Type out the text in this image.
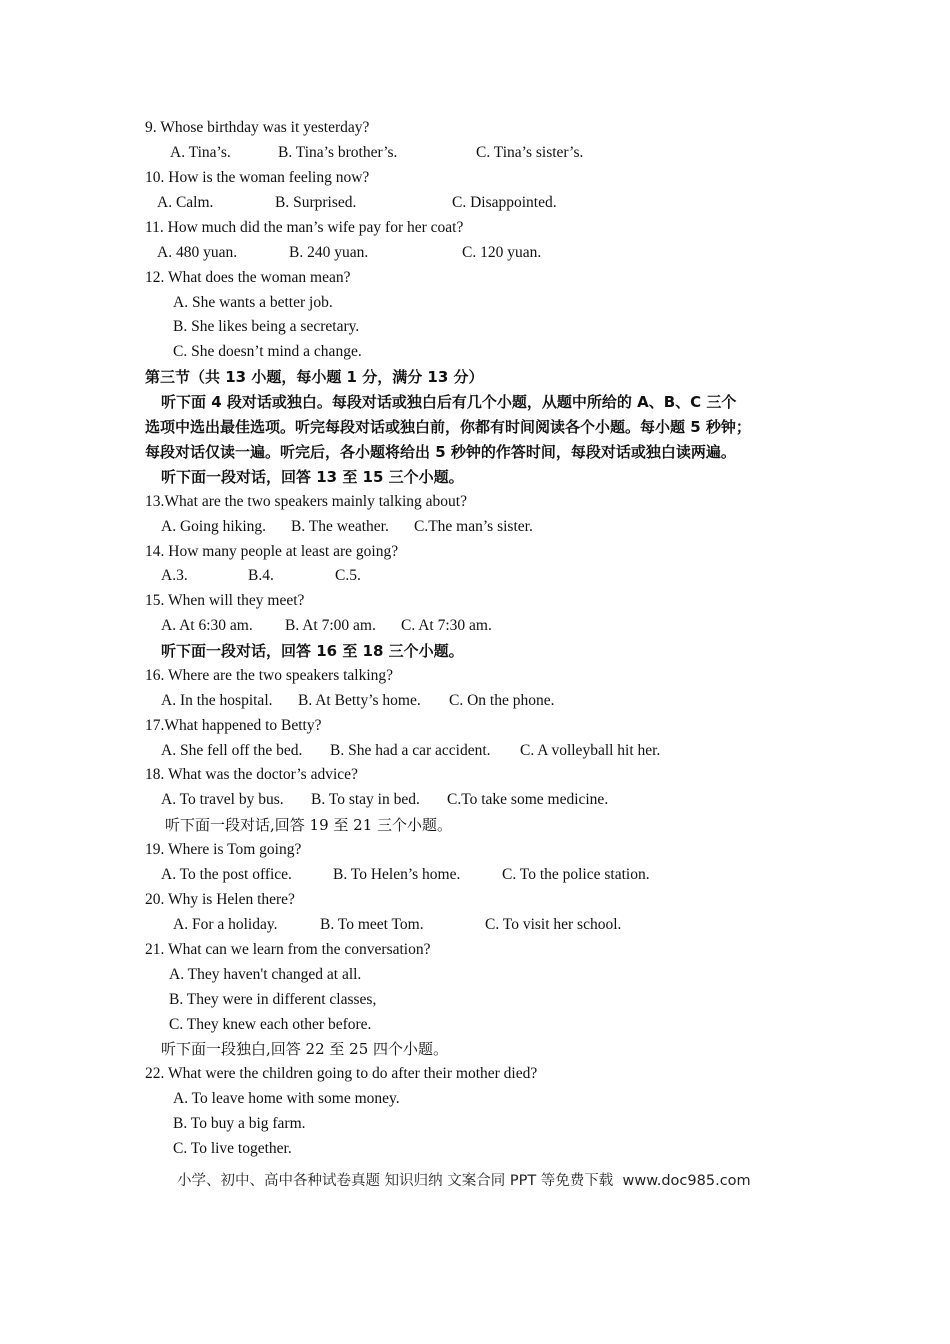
9. Whose birthday was it yesterday?
A. Tina’s.	B. Tina’s brother’s.	C. Tina’s sister’s.
10. How is the woman feeling now?
A. Calm.	B. Surprised.	C. Disappointed.
11. How much did the man’s wife pay for her coat?
A. 480 yuan.	B. 240 yuan.	C. 120 yuan.
12. What does the woman mean?
A. She wants a better job.
B. She likes being a secretary.
C. She doesn’t mind a change.
第三节（共 13 小题，每小题 1 分，满分 13 分）
听下面 4 段对话或独白。每段对话或独白后有几个小题，从题中所给的 A、B、C 三个
选项中选出最佳选项。听完每段对话或独白前，你都有时间阅读各个小题。每小题 5 秒钟；
每段对话仅读一遍。听完后，各小题将给出 5 秒钟的作答时间，每段对话或独白读两遍。
听下面一段对话，回答 13 至 15 三个小题。
13.What are the two speakers mainly talking about?
A. Going hiking. B. The weather. C.The man’s sister.
14. How many people at least are going?
A.3.	B.4.	C.5.
15. When will they meet?
A. At 6:30 am. B. At 7:00 am. C. At 7:30 am.
听下面一段对话，回答 16 至 18 三个小题。
16. Where are the two speakers talking?
A. In the hospital. B. At Betty’s home. C. On the phone.
17.What happened to Betty?
A. She fell off the bed. B. She had a car accident. C. A volleyball hit her.
18. What was the doctor’s advice?
A. To travel by bus. B. To stay in bed. C.To take some medicine.
听下面一段对话,回答 19 至 21 三个小题。
19. Where is Tom going?
A. To the post office.	B. To Helen’s home.	C. To the police station.
20. Why is Helen there?
A. For a holiday.	B. To meet Tom.	C. To visit her school.
21. What can we learn from the conversation?
A. They haven't changed at all.
B. They were in different classes,
C. They knew each other before.
听下面一段独白,回答 22 至 25 四个小题。
22. What were the children going to do after their mother died?
A. To leave home with some money.
B. To buy a big farm.
C. To live together.
小学、初中、高中各种试卷真题 知识归纳 文案合同 PPT 等免费下载 www.doc985.com
